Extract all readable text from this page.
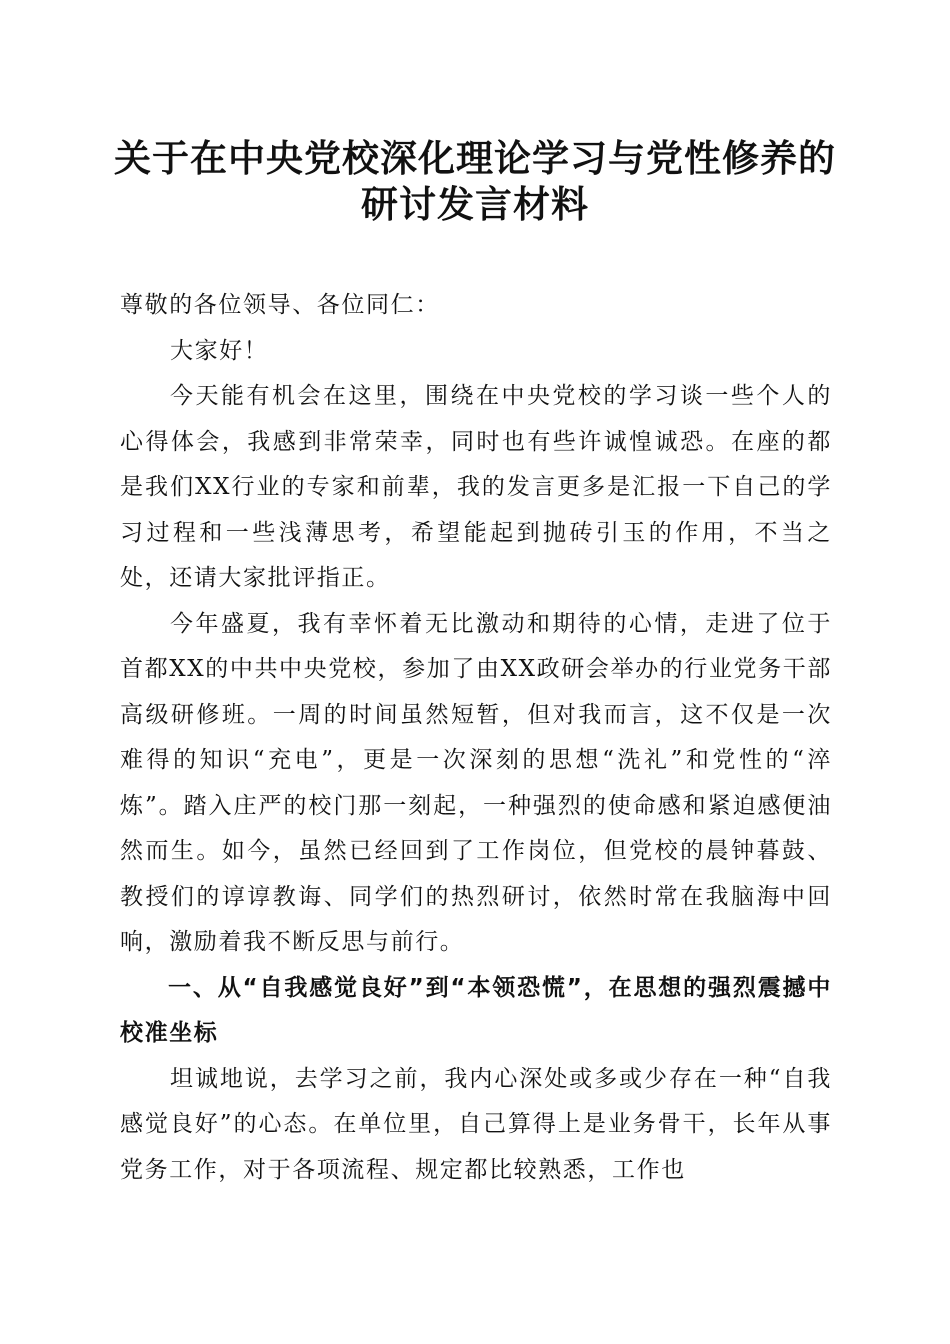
关于在中央党校深化理论学习与党性修养的研讨发言材料

尊敬的各位领导、各位同仁：

大家好！

今天能有机会在这里，围绕在中央党校的学习谈一些个人的心得体会，我感到非常荣幸，同时也有些许诚惶诚恐。在座的都是我们XX行业的专家和前辈，我的发言更多是汇报一下自己的学习过程和一些浅薄思考，希望能起到抛砖引玉的作用，不当之处，还请大家批评指正。

今年盛夏，我有幸怀着无比激动和期待的心情，走进了位于首都XX的中共中央党校，参加了由XX政研会举办的行业党务干部高级研修班。一周的时间虽然短暂，但对我而言，这不仅是一次难得的知识“充电”，更是一次深刻的思想“洗礼”和党性的“淬炼”。踏入庄严的校门那一刻起，一种强烈的使命感和紧迫感便油然而生。如今，虽然已经回到了工作岗位，但党校的晨钟暮鼓、教授们的谆谆教诲、同学们的热烈研讨，依然时常在我脑海中回响，激励着我不断反思与前行。

一、从“自我感觉良好”到“本领恐慌”，在思想的强烈震撼中校准坐标

坦诚地说，去学习之前，我内心深处或多或少存在一种“自我感觉良好”的心态。在单位里，自己算得上是业务骨干，长年从事党务工作，对于各项流程、规定都比较熟悉，工作也
